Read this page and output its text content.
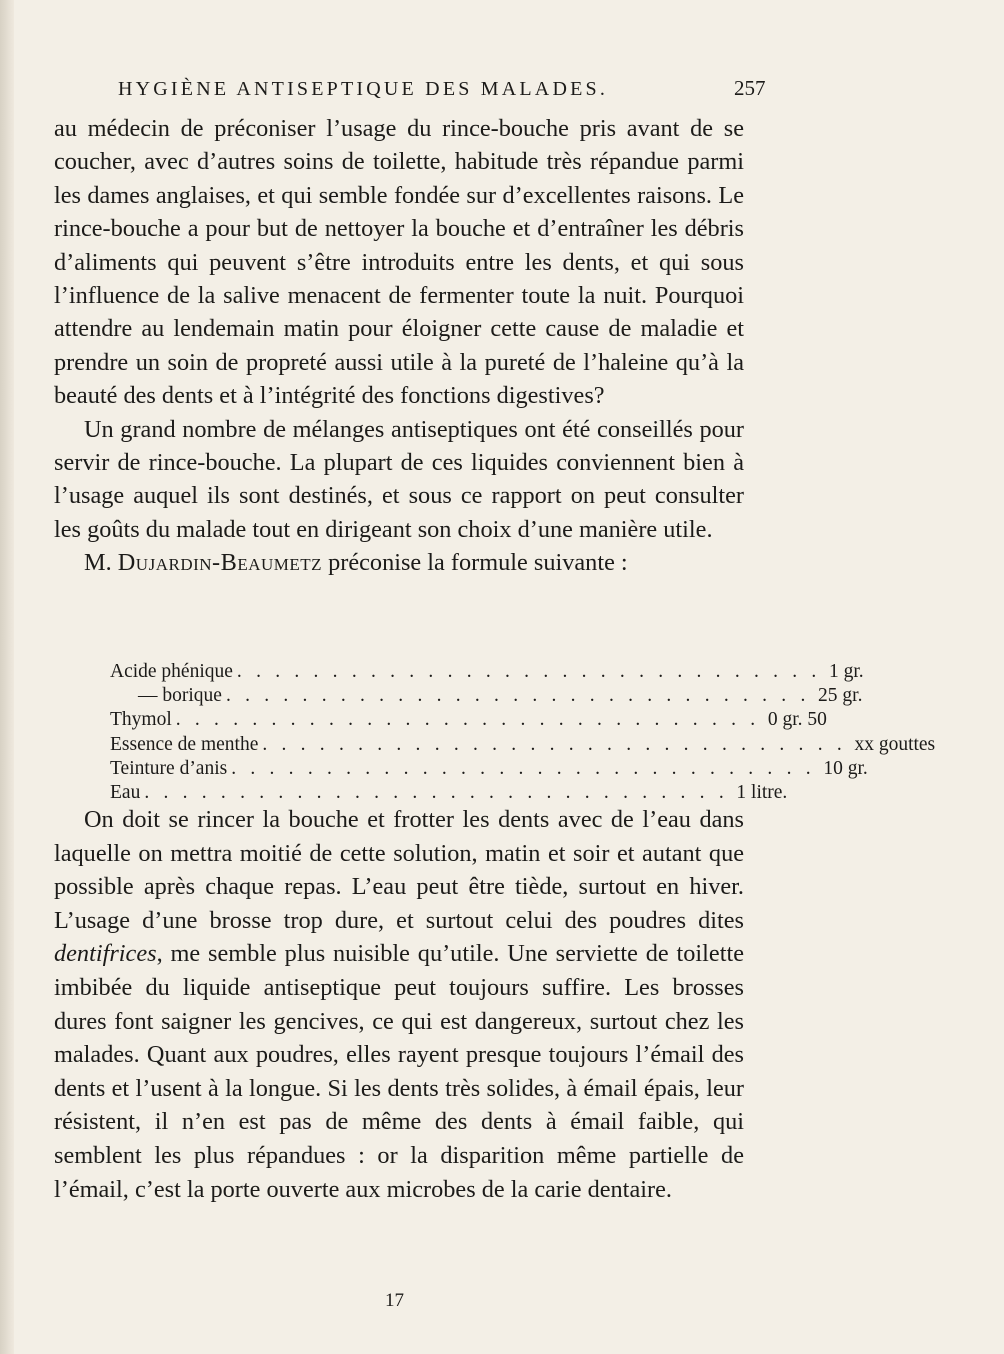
HYGIÈNE ANTISEPTIQUE DES MALADES.	257

au médecin de préconiser l’usage du rince-bouche pris avant de se coucher, avec d’autres soins de toilette, habitude très répandue parmi les dames anglaises, et qui semble fondée sur d’excellentes raisons. Le rince-bouche a pour but de nettoyer la bouche et d’entraîner les débris d’aliments qui peuvent s’être introduits entre les dents, et qui sous l’influence de la salive menacent de fermenter toute la nuit. Pourquoi attendre au lendemain matin pour éloigner cette cause de maladie et prendre un soin de propreté aussi utile à la pureté de l’haleine qu’à la beauté des dents et à l’intégrité des fonctions digestives?

Un grand nombre de mélanges antiseptiques ont été conseillés pour servir de rince-bouche. La plupart de ces liquides conviennent bien à l’usage auquel ils sont destinés, et sous ce rapport on peut consulter les goûts du malade tout en dirigeant son choix d’une manière utile.

M. Dujardin-Beaumetz préconise la formule suivante :

Acide phénique . . . . . . . . . . . . . . . . . . . . . . . . . . . . . . . 1 gr.
— borique . . . . . . . . . . . . . . . . . . . . . . . . . . . . . . . 25 gr.
Thymol . . . . . . . . . . . . . . . . . . . . . . . . . . . . . . . 0 gr. 50
Essence de menthe . . . . . . . . . . . . . . . . . . . . . . . . . . . . . . . xx gouttes
Teinture d’anis . . . . . . . . . . . . . . . . . . . . . . . . . . . . . . . 10 gr.
Eau . . . . . . . . . . . . . . . . . . . . . . . . . . . . . . . 1 litre.

On doit se rincer la bouche et frotter les dents avec de l’eau dans laquelle on mettra moitié de cette solution, matin et soir et autant que possible après chaque repas. L’eau peut être tiède, surtout en hiver. L’usage d’une brosse trop dure, et surtout celui des poudres dites dentifrices, me semble plus nuisible qu’utile. Une serviette de toilette imbibée du liquide antiseptique peut toujours suffire. Les brosses dures font saigner les gencives, ce qui est dangereux, surtout chez les malades. Quant aux poudres, elles rayent presque toujours l’émail des dents et l’usent à la longue. Si les dents très solides, à émail épais, leur résistent, il n’en est pas de même des dents à émail faible, qui semblent les plus répandues : or la disparition même partielle de l’émail, c’est la porte ouverte aux microbes de la carie dentaire.

17
